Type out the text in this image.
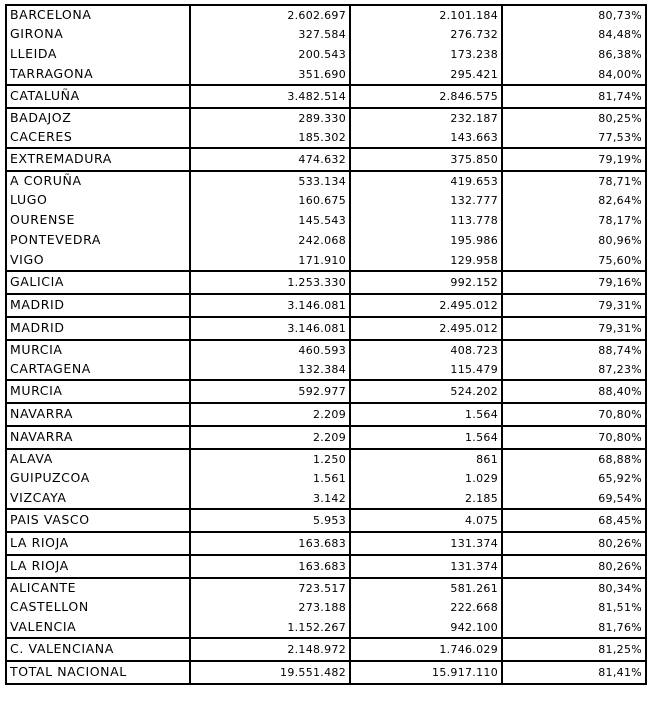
BARCELONA	2.602.697	2.101.184	80,73%
GIRONA	327.584	276.732	84,48%
LLEIDA	200.543	173.238	86,38%
TARRAGONA	351.690	295.421	84,00%
CATALUÑA	3.482.514	2.846.575	81,74%
BADAJOZ	289.330	232.187	80,25%
CACERES	185.302	143.663	77,53%
EXTREMADURA	474.632	375.850	79,19%
A CORUÑA	533.134	419.653	78,71%
LUGO	160.675	132.777	82,64%
OURENSE	145.543	113.778	78,17%
PONTEVEDRA	242.068	195.986	80,96%
VIGO	171.910	129.958	75,60%
GALICIA	1.253.330	992.152	79,16%
MADRID	3.146.081	2.495.012	79,31%
MADRID	3.146.081	2.495.012	79,31%
MURCIA	460.593	408.723	88,74%
CARTAGENA	132.384	115.479	87,23%
MURCIA	592.977	524.202	88,40%
NAVARRA	2.209	1.564	70,80%
NAVARRA	2.209	1.564	70,80%
ALAVA	1.250	861	68,88%
GUIPUZCOA	1.561	1.029	65,92%
VIZCAYA	3.142	2.185	69,54%
PAIS VASCO	5.953	4.075	68,45%
LA RIOJA	163.683	131.374	80,26%
LA RIOJA	163.683	131.374	80,26%
ALICANTE	723.517	581.261	80,34%
CASTELLON	273.188	222.668	81,51%
VALENCIA	1.152.267	942.100	81,76%
C. VALENCIANA	2.148.972	1.746.029	81,25%
TOTAL NACIONAL	19.551.482	15.917.110	81,41%
